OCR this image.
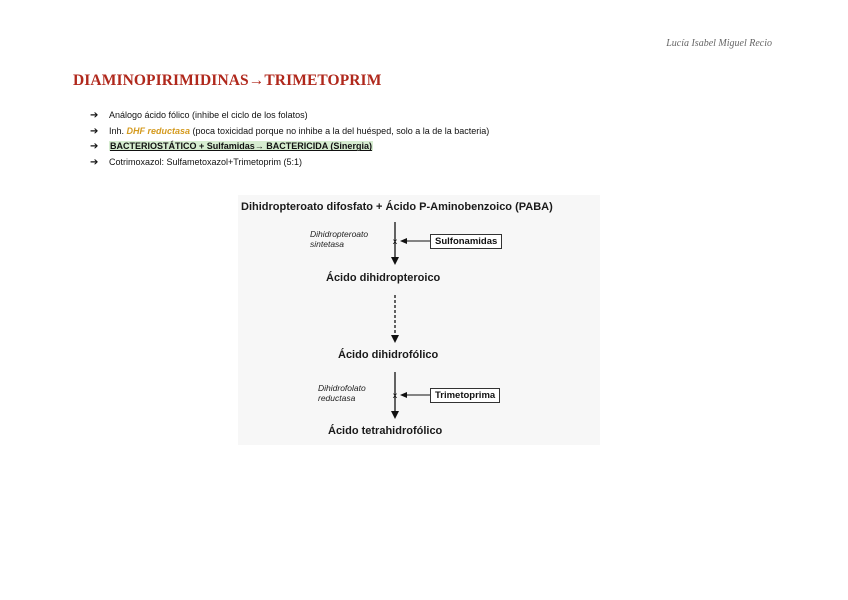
Lucía Isabel Miguel Recio
DIAMINOPIRIMIDINAS→TRIMETOPRIM
➔ Análogo ácido fólico (inhibe el ciclo de los folatos)
➔ Inh. DHF reductasa (poca toxicidad porque no inhibe a la del huésped, solo a la de la bacteria)
➔ BACTERIOSTÁTICO + Sulfamidas→ BACTERICIDA (Sinergia)
➔ Cotrimoxazol: Sulfametoxazol+Trimetoprim (5:1)
x
x
Dihidropteroato difosfato + Ácido P-Aminobenzoico (PABA)
Dihidropteroato
sintetasa	Sulfonamidas
Ácido dihidropteroico
Ácido dihidrofólico
Dihidrofolato
reductasa	Trimetoprima
Ácido tetrahidrofólico
